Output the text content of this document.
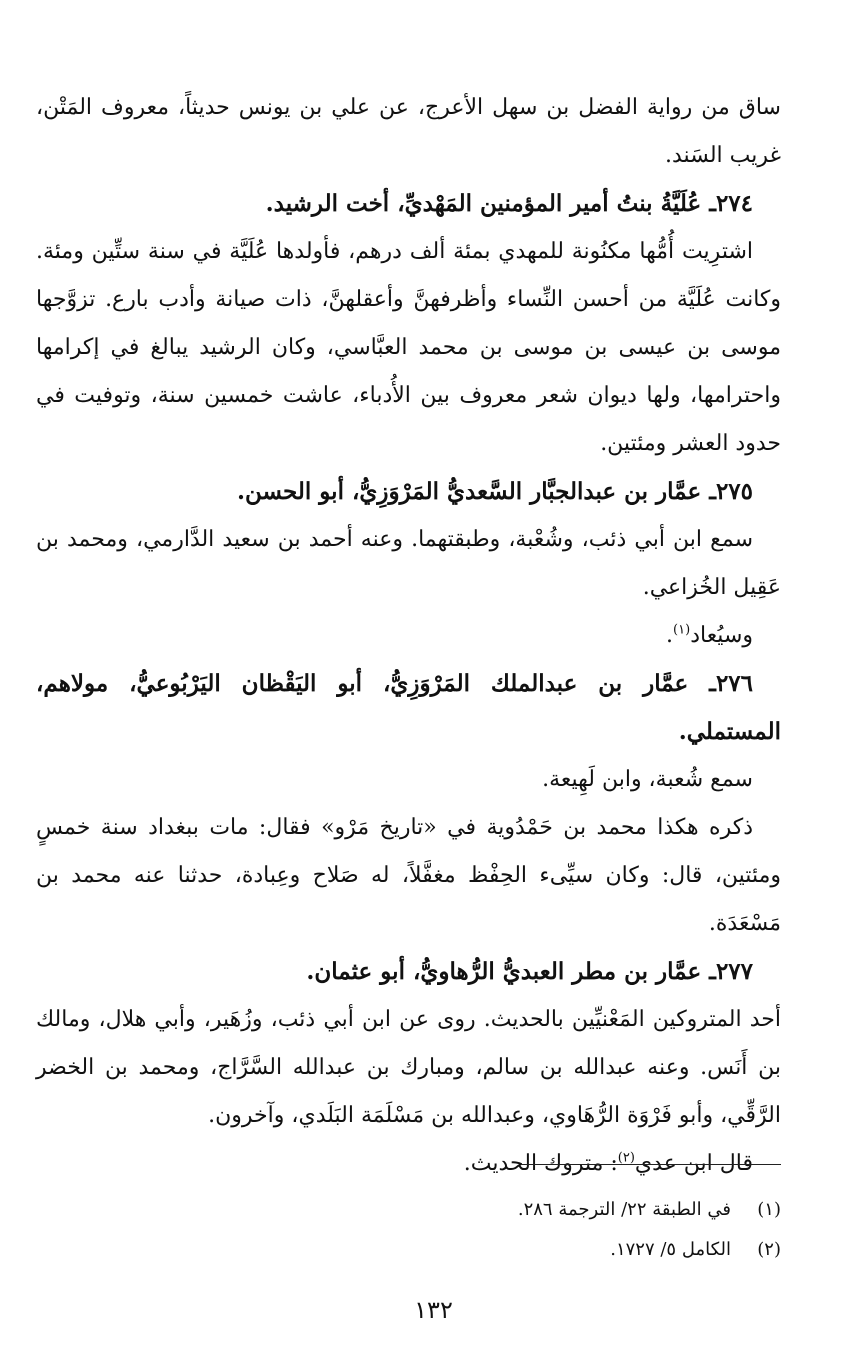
ساق من رواية الفضل بن سهل الأعرج، عن علي بن يونس حديثاً، معروف المَتْن، غريب السَند.

٢٧٤ـ عُلَيَّةُ بنتُ أمير المؤمنين المَهْديِّ، أخت الرشيد.

اشترِيت أُمُّها مكنُونة للمهدي بمئة ألف درهم، فأولدها عُلَيَّة في سنة ستِّين ومئة. وكانت عُلَيَّة من أحسن النِّساء وأظرفهنَّ وأعقلهنَّ، ذات صيانة وأدب بارع. تزوَّجها موسى بن عيسى بن موسى بن محمد العبَّاسي، وكان الرشيد يبالغ في إكرامها واحترامها، ولها ديوان شعر معروف بين الأُدباء، عاشت خمسين سنة، وتوفيت في حدود العشر ومئتين.

٢٧٥ـ عمَّار بن عبدالجبَّار السَّعديُّ المَرْوَزِيُّ، أبو الحسن.

سمع ابن أبي ذئب، وشُعْبة، وطبقتهما. وعنه أحمد بن سعيد الدَّارمي، ومحمد بن عَقِيل الخُزاعي.

وسيُعاد$^{(١)}$.

٢٧٦ـ عمَّار بن عبدالملك المَرْوَزِيُّ، أبو اليَقْظان اليَرْبُوعيُّ، مولاهم، المستملي.

سمع شُعبة، وابن لَهِيعة.

ذكره هكذا محمد بن حَمْدُوية في «تاريخ مَرْو» فقال: مات ببغداد سنة خمسٍ ومئتين، قال: وكان سيِّىء الحِفْظ مغفَّلاً، له صَلاح وعِبادة، حدثنا عنه محمد بن مَسْعَدَة.

٢٧٧ـ عمَّار بن مطر العبديُّ الرُّهاويُّ، أبو عثمان.

أحد المتروكين المَعْنيِّين بالحديث. روى عن ابن أبي ذئب، وزُهَير، وأبي هلال، ومالك بن أَنَس. وعنه عبدالله بن سالم، ومبارك بن عبدالله السَّرَّاج، ومحمد بن الخضر الرَّقِّي، وأبو فَرْوَة الرُّهَاوي، وعبدالله بن مَسْلَمَة البَلَدي، وآخرون.

قال ابن عدي$^{(٢)}$: متروك الحديث.

(١)في الطبقة ٢٢/ الترجمة ٢٨٦.

(٢)الكامل ٥/ ١٧٢٧.

١٣٢
